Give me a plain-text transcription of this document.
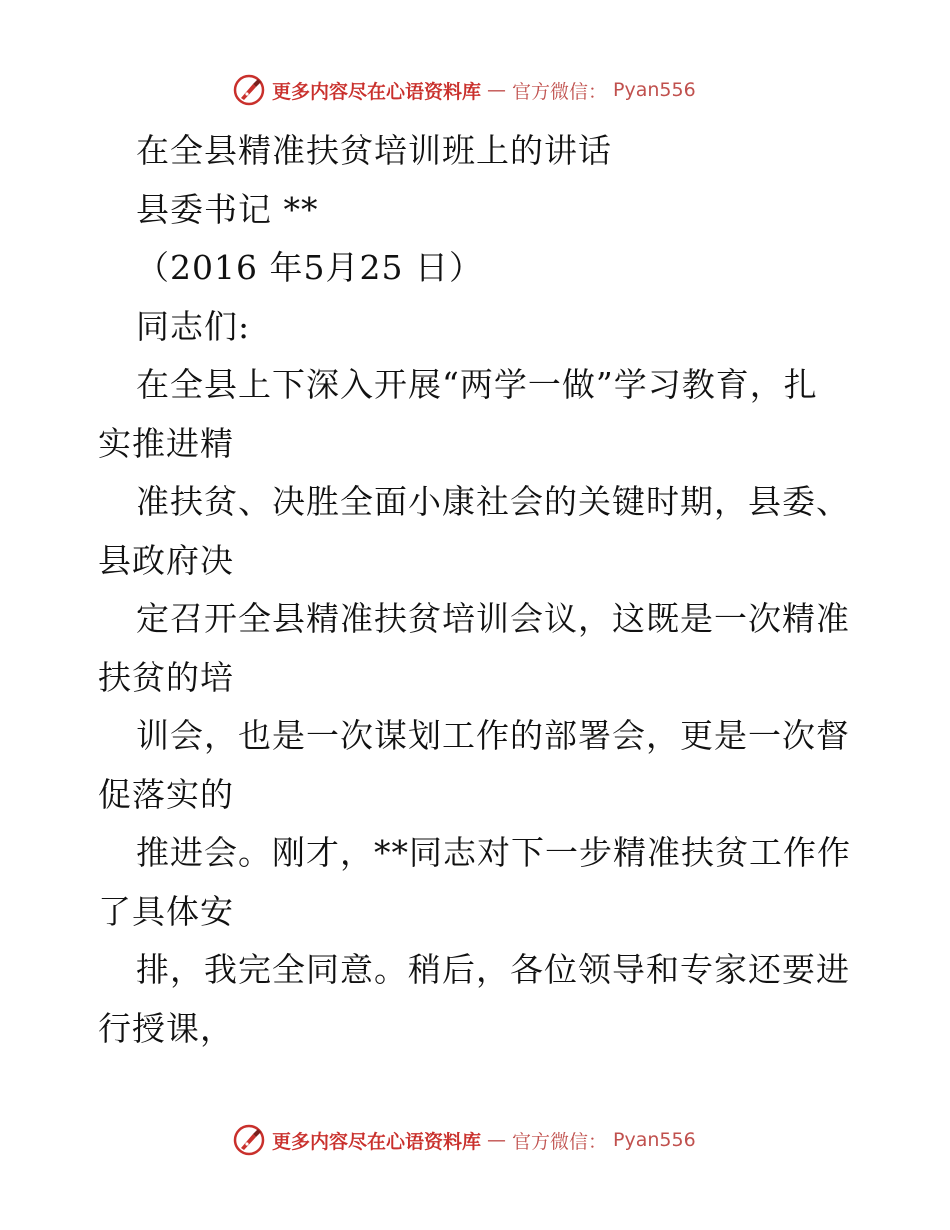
更多内容尽在心语资料库 — 官方微信： Pyan556

在全县精准扶贫培训班上的讲话

县委书记 **

（2016 年5月25 日）

同志们:

在全县上下深入开展“两学一做”学习教育，扎

实推进精

准扶贫、决胜全面小康社会的关键时期，县委、

县政府决

定召开全县精准扶贫培训会议，这既是一次精准

扶贫的培

训会，也是一次谋划工作的部署会，更是一次督

促落实的

推进会。刚才，**同志对下一步精准扶贫工作作

了具体安

排，我完全同意。稍后，各位领导和专家还要进

行授课，

更多内容尽在心语资料库 — 官方微信： Pyan556
